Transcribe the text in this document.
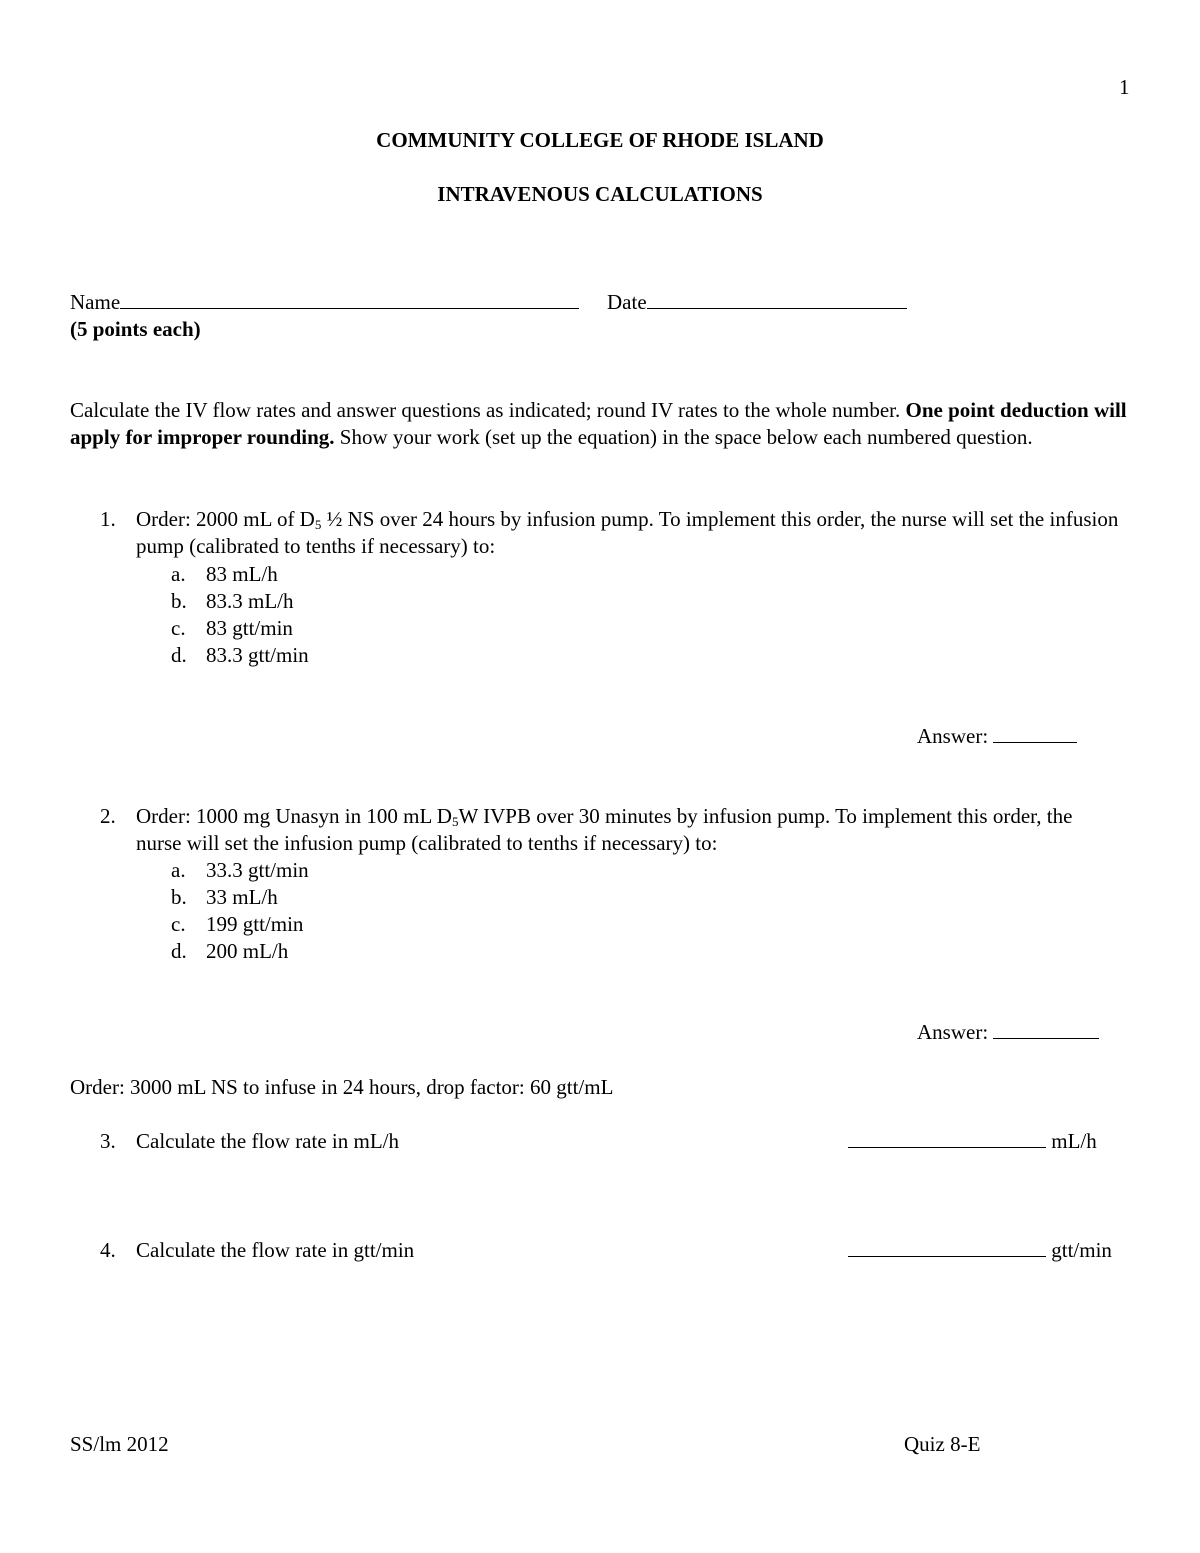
1
COMMUNITY COLLEGE OF RHODE ISLAND
INTRAVENOUS CALCULATIONS
Name	Date
(5 points each)
Calculate the IV flow rates and answer questions as indicated; round IV rates to the whole number. One point deduction will apply for improper rounding. Show your work (set up the equation) in the space below each numbered question.
1. Order: 2000 mL of $D_5$ ½ NS over 24 hours by infusion pump. To implement this order, the nurse will set the infusion pump (calibrated to tenths if necessary) to:
a. 83 mL/h
b. 83.3 mL/h
c. 83 gtt/min
d. 83.3 gtt/min
Answer:
2. Order: 1000 mg Unasyn in 100 mL $D_5W$ IVPB over 30 minutes by infusion pump. To implement this order, the nurse will set the infusion pump (calibrated to tenths if necessary) to:
a. 33.3 gtt/min
b. 33 mL/h
c. 199 gtt/min
d. 200 mL/h
Answer:
Order: 3000 mL NS to infuse in 24 hours, drop factor: 60 gtt/mL
3. Calculate the flow rate in mL/h	mL/h
4. Calculate the flow rate in gtt/min	gtt/min
SS/lm 2012	Quiz 8-E
